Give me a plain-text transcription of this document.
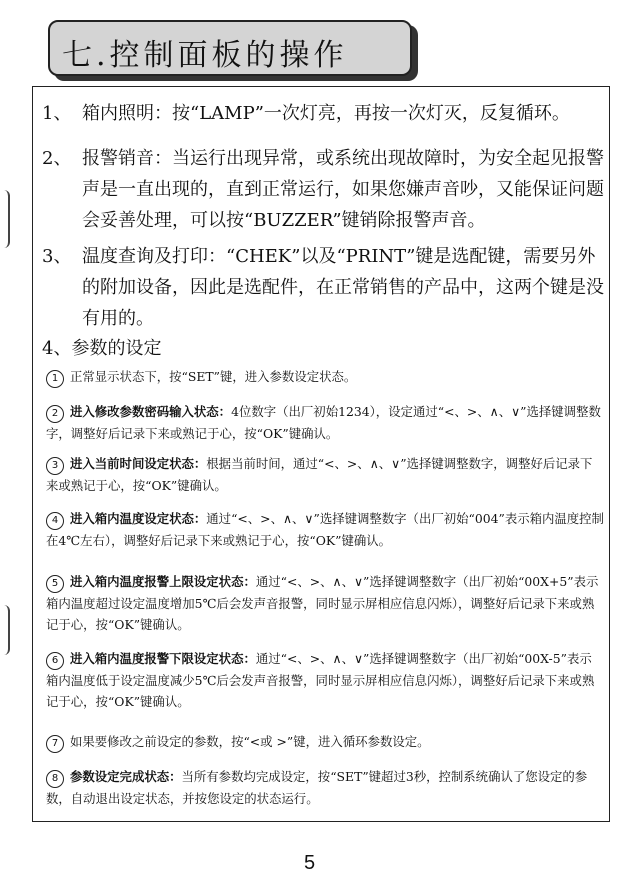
七.控制面板的操作
1、 箱内照明：按“LAMP”一次灯亮，再按一次灯灭，反复循环。
2、 报警销音：当运行出现异常，或系统出现故障时，为安全起见报警声是一直出现的，直到正常运行，如果您嫌声音吵，又能保证问题会妥善处理，可以按“BUZZER”键销除报警声音。
3、 温度查询及打印：“CHEK”以及“PRINT”键是选配键，需要另外的附加设备，因此是选配件，在正常销售的产品中，这两个键是没有用的。
4、参数的设定
1 正常显示状态下，按“SET”键，进入参数设定状态。
2 进入修改参数密码输入状态：4位数字（出厂初始1234），设定通过“<、>、∧、∨”选择键调整数字，调整好后记录下来或熟记于心，按“OK”键确认。
3 进入当前时间设定状态：根据当前时间，通过“<、>、∧、∨”选择键调整数字，调整好后记录下来或熟记于心，按“OK”键确认。
4 进入箱内温度设定状态：通过“<、>、∧、∨”选择键调整数字（出厂初始“004”表示箱内温度控制在4℃左右），调整好后记录下来或熟记于心，按“OK”键确认。
5 进入箱内温度报警上限设定状态：通过“<、>、∧、∨”选择键调整数字（出厂初始“00X+5”表示箱内温度超过设定温度增加5℃后会发声音报警，同时显示屏相应信息闪烁），调整好后记录下来或熟记于心，按“OK”键确认。
6 进入箱内温度报警下限设定状态：通过“<、>、∧、∨”选择键调整数字（出厂初始“00X-5”表示箱内温度低于设定温度减少5℃后会发声音报警，同时显示屏相应信息闪烁），调整好后记录下来或熟记于心，按“OK”键确认。
7 如果要修改之前设定的参数，按“<或 >”键，进入循环参数设定。
8 参数设定完成状态：当所有参数均完成设定，按“SET”键超过3秒，控制系统确认了您设定的参数，自动退出设定状态，并按您设定的状态运行。
5
